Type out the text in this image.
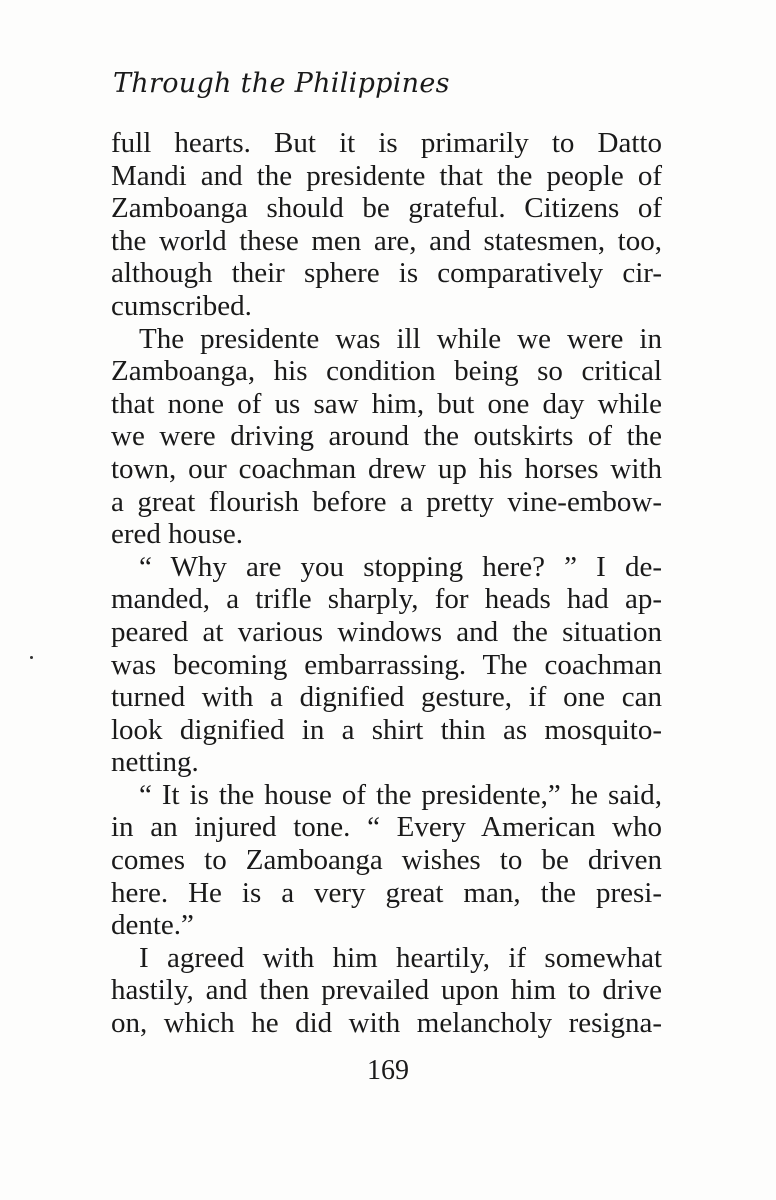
Through the Philippines
full hearts. But it is primarily to Datto
Mandi and the presidente that the people of
Zamboanga should be grateful. Citizens of
the world these men are, and statesmen, too,
although their sphere is comparatively cir-
cumscribed.
The presidente was ill while we were in
Zamboanga, his condition being so critical
that none of us saw him, but one day while
we were driving around the outskirts of the
town, our coachman drew up his horses with
a great flourish before a pretty vine-embow-
ered house.
“ Why are you stopping here? ” I de-
manded, a trifle sharply, for heads had ap-
peared at various windows and the situation
was becoming embarrassing. The coachman
turned with a dignified gesture, if one can
look dignified in a shirt thin as mosquito-
netting.
“ It is the house of the presidente,” he said,
in an injured tone. “ Every American who
comes to Zamboanga wishes to be driven
here. He is a very great man, the presi-
dente.”
I agreed with him heartily, if somewhat
hastily, and then prevailed upon him to drive
on, which he did with melancholy resigna-
169
